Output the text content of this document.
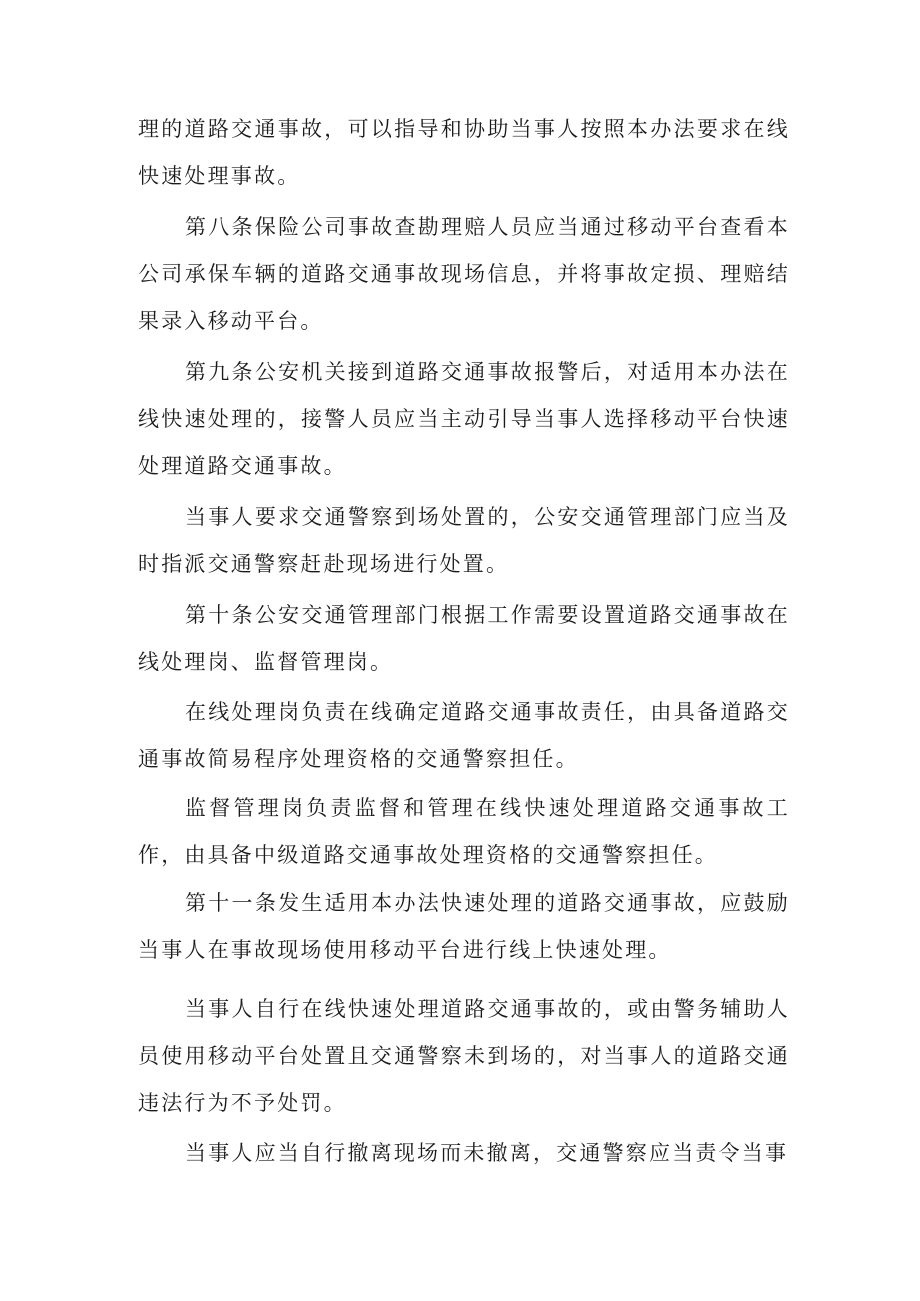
理的道路交通事故，可以指导和协助当事人按照本办法要求在线快速处理事故。

第八条保险公司事故查勘理赔人员应当通过移动平台查看本公司承保车辆的道路交通事故现场信息，并将事故定损、理赔结果录入移动平台。

第九条公安机关接到道路交通事故报警后，对适用本办法在线快速处理的，接警人员应当主动引导当事人选择移动平台快速处理道路交通事故。

当事人要求交通警察到场处置的，公安交通管理部门应当及时指派交通警察赶赴现场进行处置。

第十条公安交通管理部门根据工作需要设置道路交通事故在线处理岗、监督管理岗。

在线处理岗负责在线确定道路交通事故责任，由具备道路交通事故简易程序处理资格的交通警察担任。

监督管理岗负责监督和管理在线快速处理道路交通事故工作，由具备中级道路交通事故处理资格的交通警察担任。

第十一条发生适用本办法快速处理的道路交通事故，应鼓励当事人在事故现场使用移动平台进行线上快速处理。

当事人自行在线快速处理道路交通事故的，或由警务辅助人员使用移动平台处置且交通警察未到场的，对当事人的道路交通违法行为不予处罚。

当事人应当自行撤离现场而未撤离，交通警察应当责令当事
